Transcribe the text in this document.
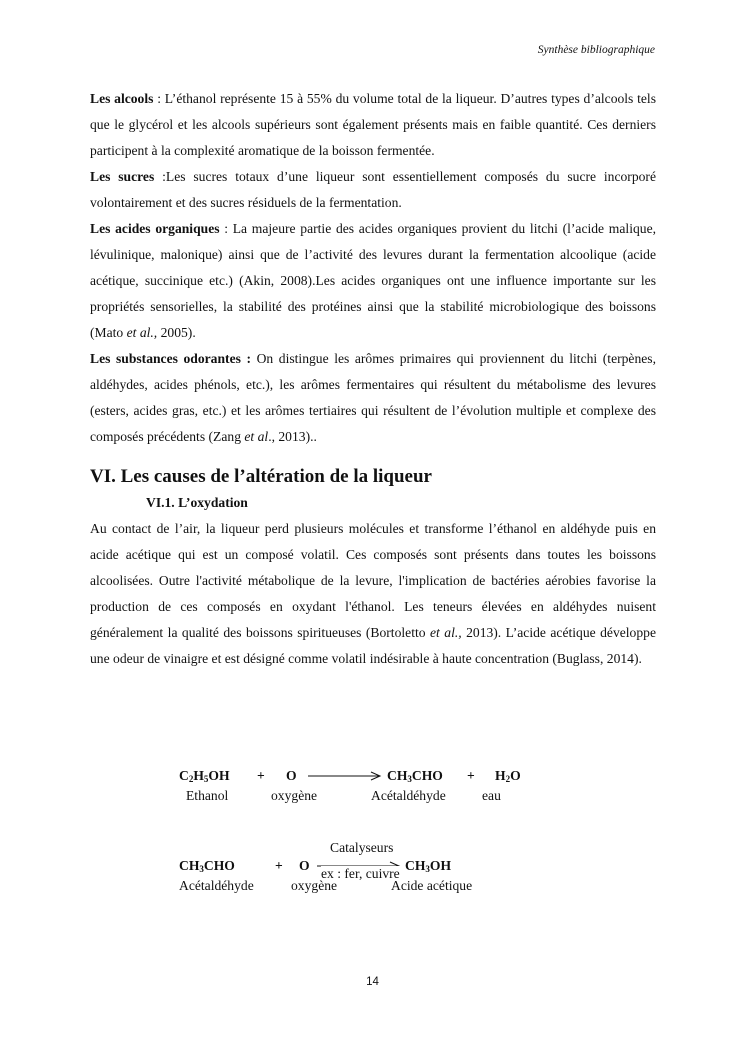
Synthèse bibliographique

Les alcools : L’éthanol représente 15 à 55% du volume total de la liqueur. D’autres types d’alcools tels que le glycérol et les alcools supérieurs sont également présents mais en faible quantité. Ces derniers participent à la complexité aromatique de la boisson fermentée.

Les sucres :Les sucres totaux d’une liqueur sont essentiellement composés du sucre incorporé volontairement et des sucres résiduels de la fermentation.

Les acides organiques : La majeure partie des acides organiques provient du litchi (l’acide malique, lévulinique, malonique) ainsi que de l’activité des levures durant la fermentation alcoolique (acide acétique, succinique etc.) (Akin, 2008).Les acides organiques ont une influence importante sur les propriétés sensorielles, la stabilité des protéines ainsi que la stabilité microbiologique des boissons (Mato et al., 2005).

Les substances odorantes : On distingue les arômes primaires qui proviennent du litchi (terpènes, aldéhydes, acides phénols, etc.), les arômes fermentaires qui résultent du métabolisme des levures (esters, acides gras, etc.) et les arômes tertiaires qui résultent de l’évolution multiple et complexe des composés précédents (Zang et al., 2013)..

VI. Les causes de l’altération de la liqueur
VI.1. L’oxydation

Au contact de l’air, la liqueur perd plusieurs molécules et transforme l’éthanol en aldéhyde puis en acide acétique qui est un composé volatil. Ces composés sont présents dans toutes les boissons alcoolisées. Outre l'activité métabolique de la levure, l'implication de bactéries aérobies favorise la production de ces composés en oxydant l'éthanol. Les teneurs élevées en aldéhydes nuisent généralement la qualité des boissons spiritueuses (Bortoletto et al., 2013). L’acide acétique développe une odeur de vinaigre et est désigné comme volatil indésirable à haute concentration (Buglass, 2014).

$C_2H_5OH + O$	$CH_3CHO + H_2O$
Ethanol	oxygène	Acétaldéhyde	eau
Catalyseurs
$CH_3CHO$	+ O
ex : fer, cuivre
$CH_3OH$
Acétaldéhyde	oxygène	Acide acétique
14
